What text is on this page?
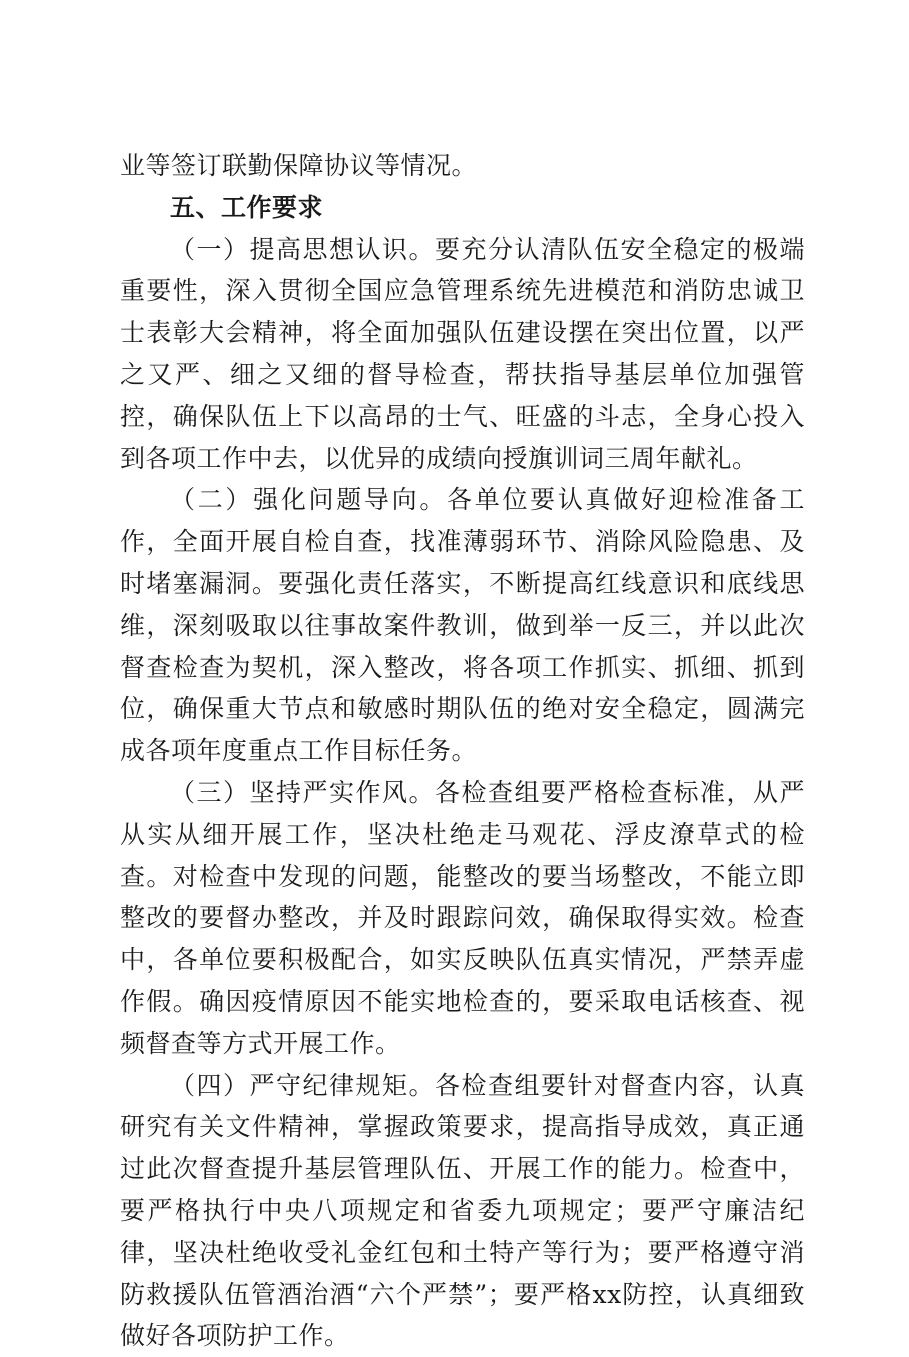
业等签订联勤保障协议等情况。

五、工作要求

（一）提高思想认识。要充分认清队伍安全稳定的极端重要性，深入贯彻全国应急管理系统先进模范和消防忠诚卫士表彰大会精神，将全面加强队伍建设摆在突出位置，以严之又严、细之又细的督导检查，帮扶指导基层单位加强管控，确保队伍上下以高昂的士气、旺盛的斗志，全身心投入到各项工作中去，以优异的成绩向授旗训词三周年献礼。

（二）强化问题导向。各单位要认真做好迎检准备工作，全面开展自检自查，找准薄弱环节、消除风险隐患、及时堵塞漏洞。要强化责任落实，不断提高红线意识和底线思维，深刻吸取以往事故案件教训，做到举一反三，并以此次督查检查为契机，深入整改，将各项工作抓实、抓细、抓到位，确保重大节点和敏感时期队伍的绝对安全稳定，圆满完成各项年度重点工作目标任务。

（三）坚持严实作风。各检查组要严格检查标准，从严从实从细开展工作，坚决杜绝走马观花、浮皮潦草式的检查。对检查中发现的问题，能整改的要当场整改，不能立即整改的要督办整改，并及时跟踪问效，确保取得实效。检查中，各单位要积极配合，如实反映队伍真实情况，严禁弄虚作假。确因疫情原因不能实地检查的，要采取电话核查、视频督查等方式开展工作。

（四）严守纪律规矩。各检查组要针对督查内容，认真研究有关文件精神，掌握政策要求，提高指导成效，真正通过此次督查提升基层管理队伍、开展工作的能力。检查中，要严格执行中央八项规定和省委九项规定；要严守廉洁纪律，坚决杜绝收受礼金红包和土特产等行为；要严格遵守消防救援队伍管酒治酒“六个严禁”；要严格xx防控，认真细致做好各项防护工作。
